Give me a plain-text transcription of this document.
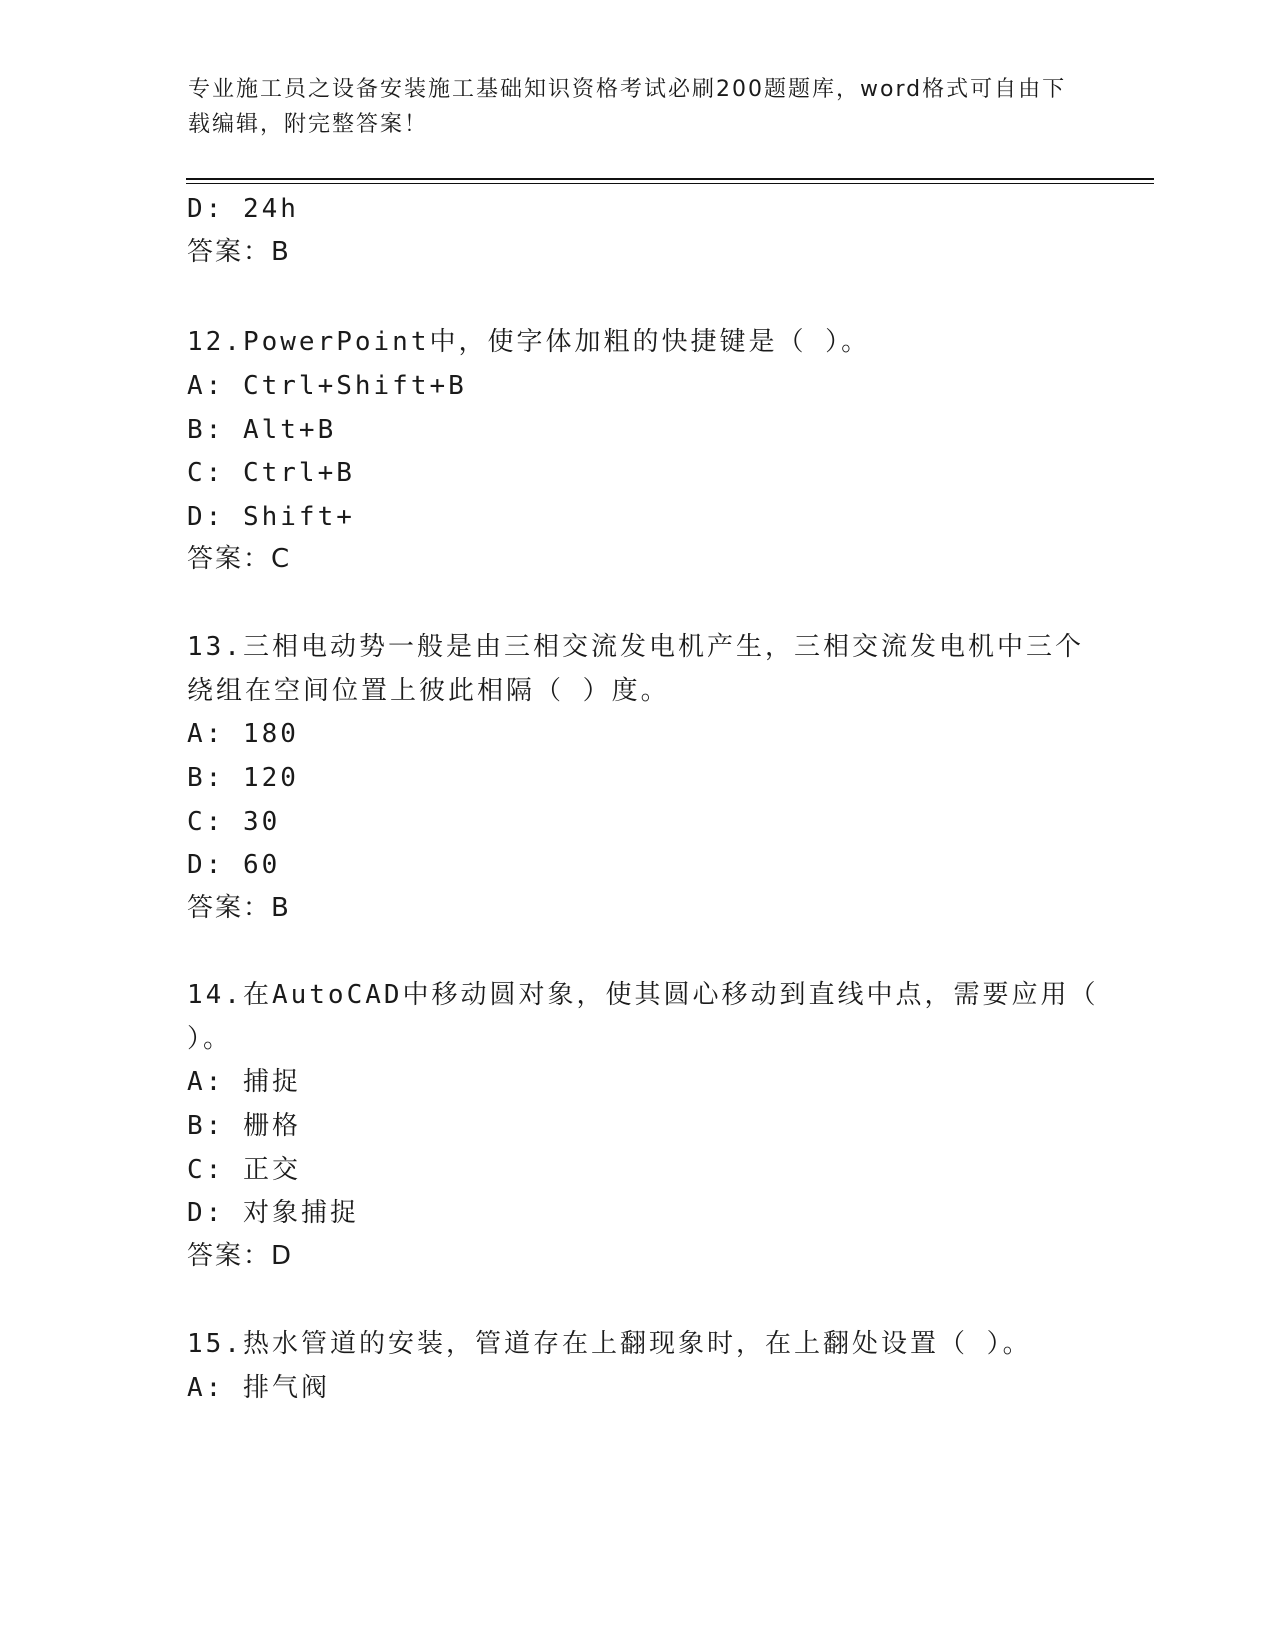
专业施工员之设备安装施工基础知识资格考试必刷200题题库，word格式可自由下载编辑，附完整答案！
D: 24h
答案：B
12.PowerPoint中，使字体加粗的快捷键是（ ）。
A: Ctrl+Shift+B
B: Alt+B
C: Ctrl+B
D: Shift+
答案：C
13.三相电动势一般是由三相交流发电机产生，三相交流发电机中三个
绕组在空间位置上彼此相隔（ ）度。
A: 180
B: 120
C: 30
D: 60
答案：B
14.在AutoCAD中移动圆对象，使其圆心移动到直线中点，需要应用（
）。
A: 捕捉
B: 栅格
C: 正交
D: 对象捕捉
答案：D
15.热水管道的安装，管道存在上翻现象时，在上翻处设置（ ）。
A: 排气阀
